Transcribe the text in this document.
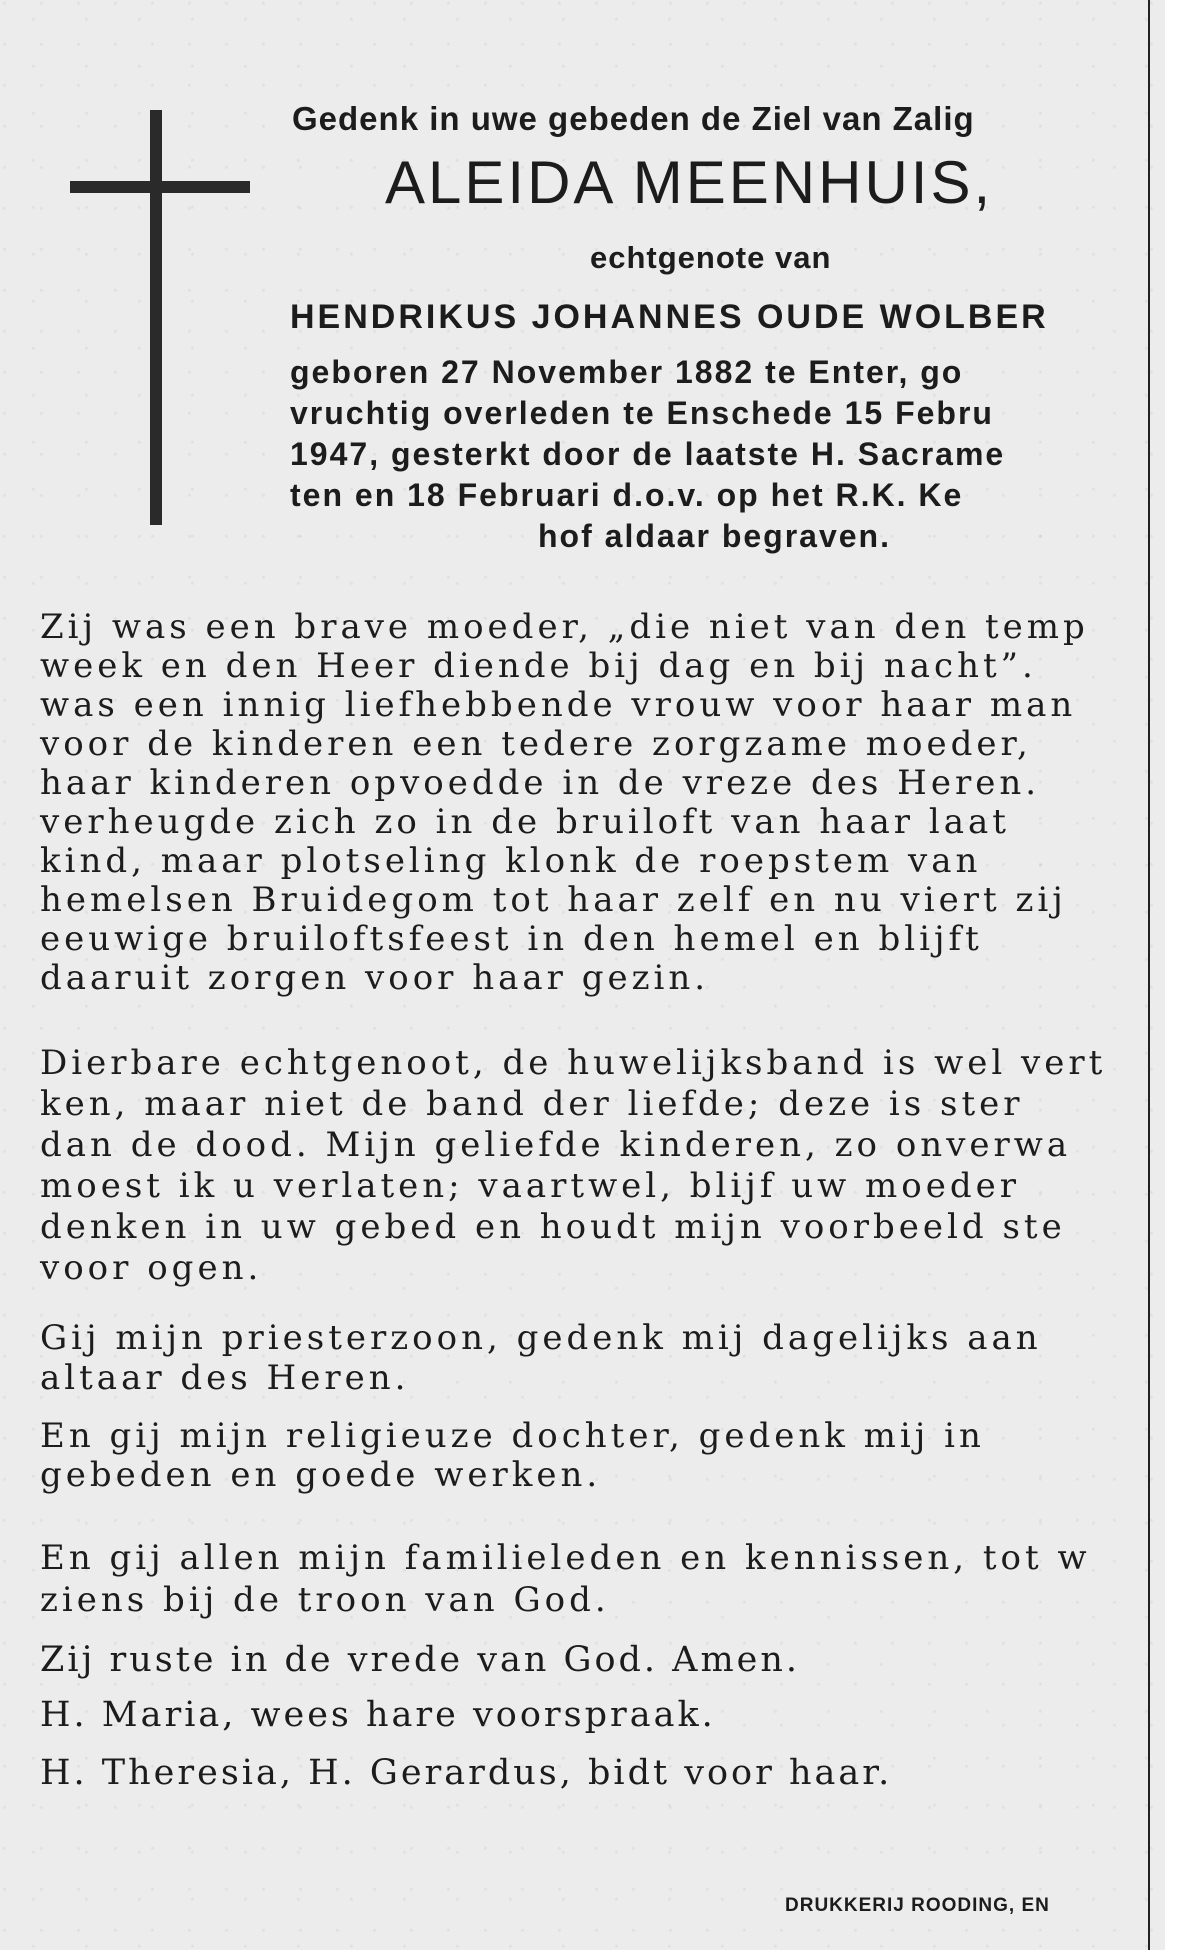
Gedenk in uwe gebeden de Ziel van Zalig
ALEIDA MEENHUIS,
echtgenote van
HENDRIKUS JOHANNES OUDE WOLBER
geboren 27 November 1882 te Enter, go
vruchtig overleden te Enschede 15 Febru
1947, gesterkt door de laatste H. Sacrame
ten en 18 Februari d.o.v. op het R.K. Ke
hof aldaar begraven.
Zij was een brave moeder, „die niet van den temp
week en den Heer diende bij dag en bij nacht”.
was een innig liefhebbende vrouw voor haar man
voor de kinderen een tedere zorgzame moeder,
haar kinderen opvoedde in de vreze des Heren.
verheugde zich zo in de bruiloft van haar laat
kind, maar plotseling klonk de roepstem van
hemelsen Bruidegom tot haar zelf en nu viert zij
eeuwige bruiloftsfeest in den hemel en blijft
daaruit zorgen voor haar gezin.
Dierbare echtgenoot, de huwelijksband is wel vert
ken, maar niet de band der liefde; deze is ster
dan de dood. Mijn geliefde kinderen, zo onverwa
moest ik u verlaten; vaartwel, blijf uw moeder
denken in uw gebed en houdt mijn voorbeeld ste
voor ogen.
Gij mijn priesterzoon, gedenk mij dagelijks aan
altaar des Heren.
En gij mijn religieuze dochter, gedenk mij in
gebeden en goede werken.
En gij allen mijn familieleden en kennissen, tot w
ziens bij de troon van God.
Zij ruste in de vrede van God. Amen.
H. Maria, wees hare voorspraak.
H. Theresia, H. Gerardus, bidt voor haar.
DRUKKERIJ ROODING, EN
